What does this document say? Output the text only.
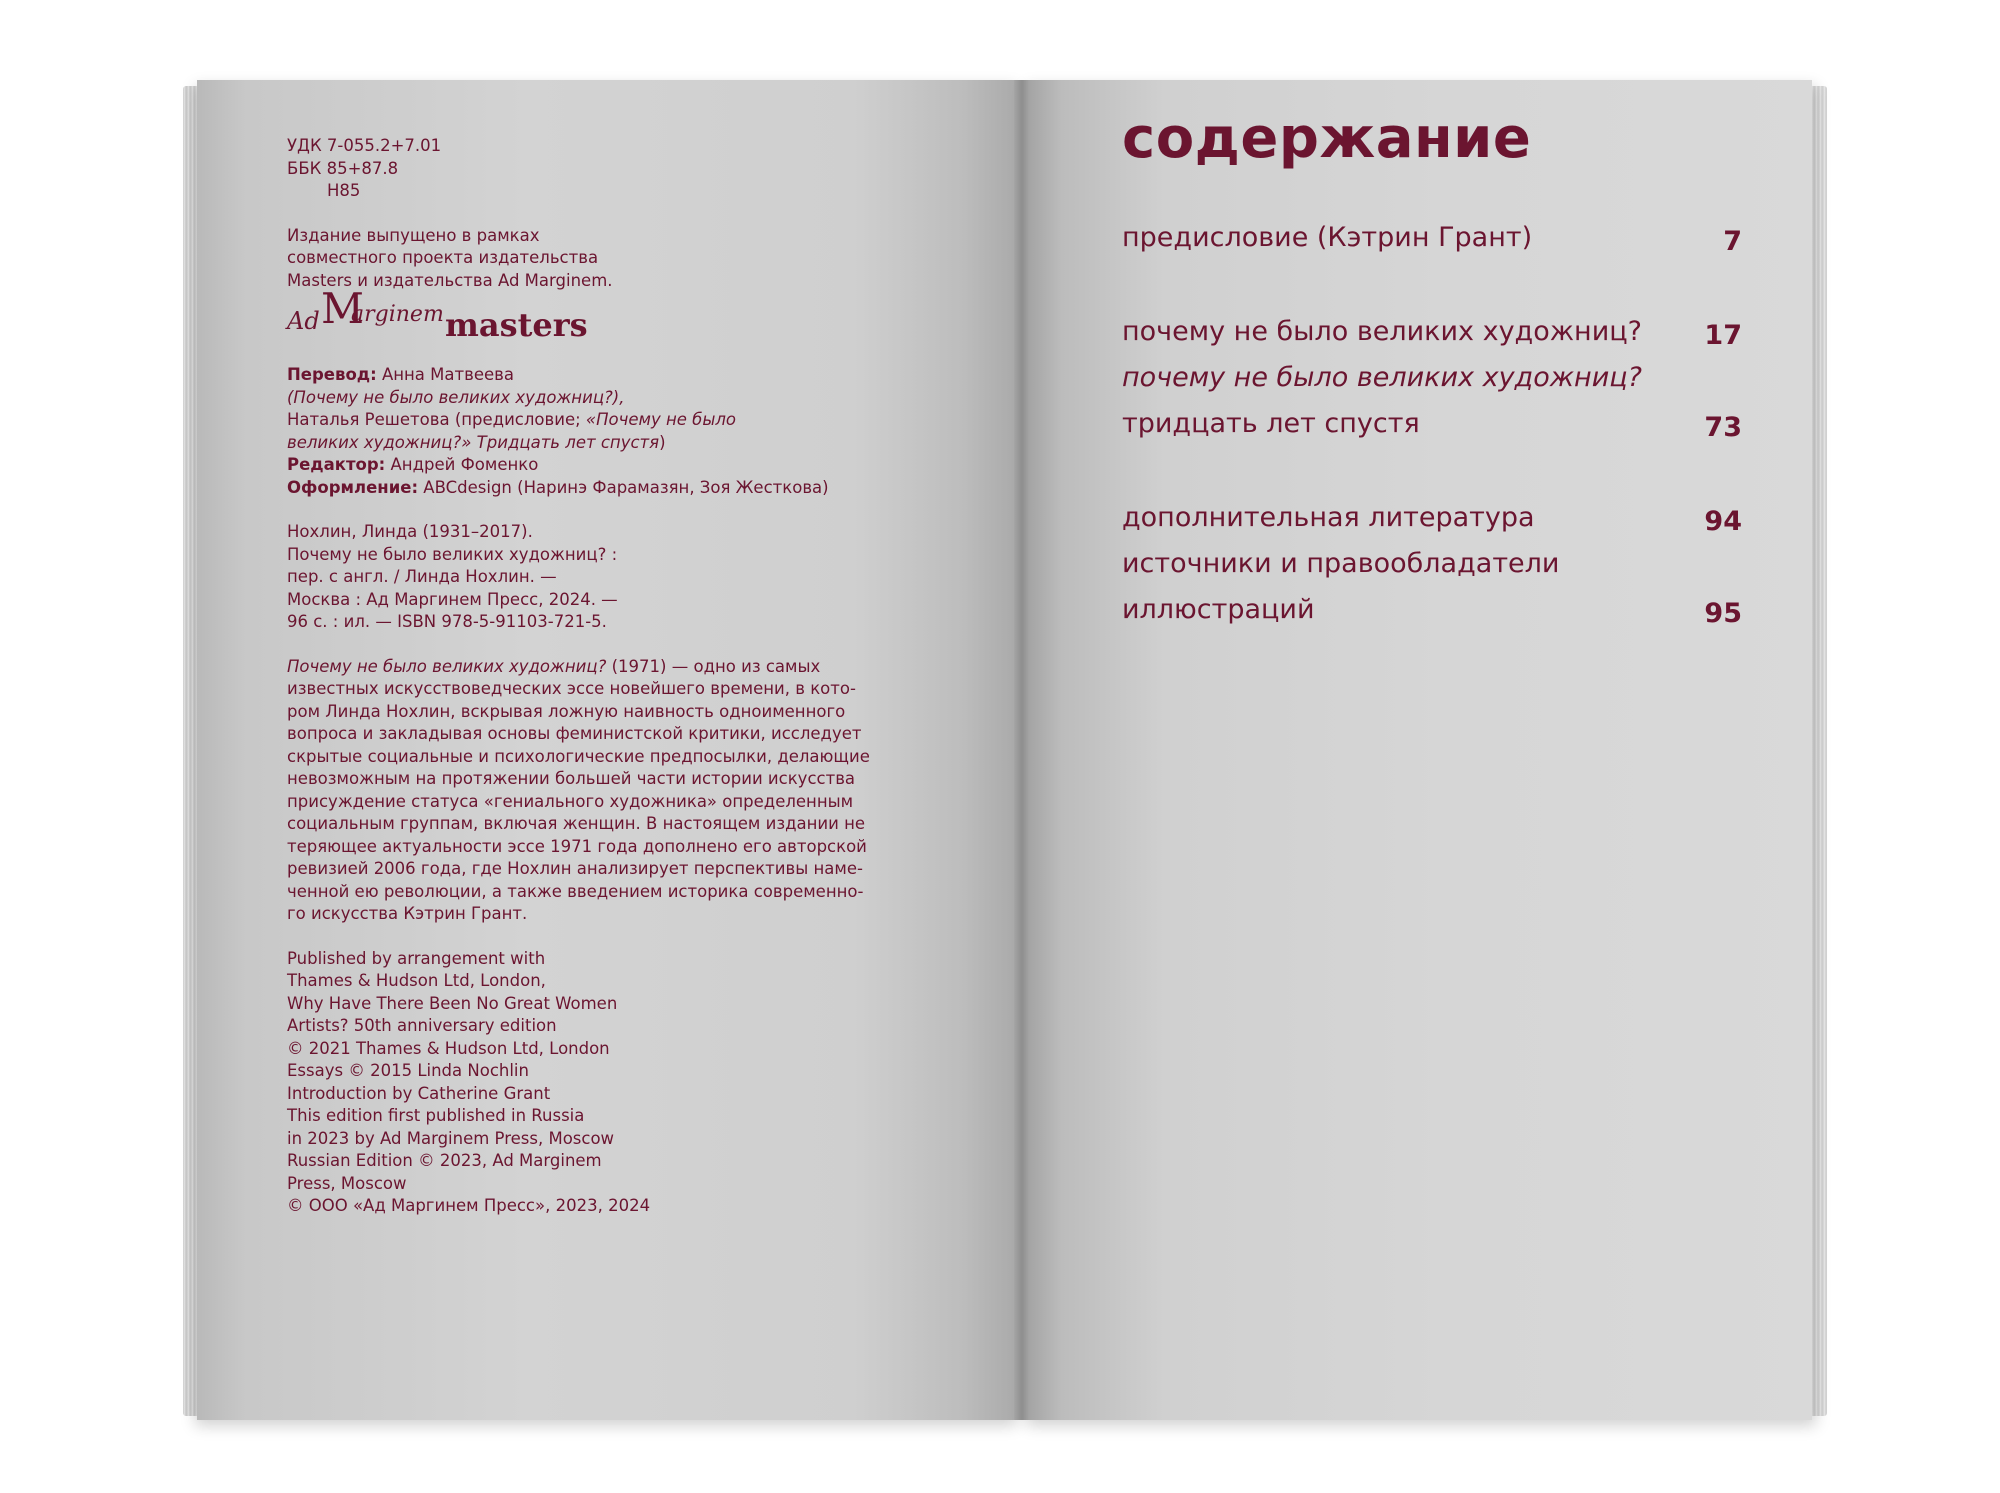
УДК 7-055.2+7.01

ББК 85+87.8

Н85

Издание выпущено в рамках

совместного проекта издательства

Masters и издательства Ad Marginem.

Ad M
arginem masters

Перевод: Анна Матвеева

(Почему не было великих художниц?),

Наталья Решетова (предисловие; «Почему не было

великих художниц?» Тридцать лет спустя)

Редактор: Андрей Фоменко

Оформление: ABCdesign (Наринэ Фарамазян, Зоя Жесткова)

Нохлин, Линда (1931–2017).

Почему не было великих художниц? :

пер. с англ. / Линда Нохлин. —

Москва : Ад Маргинем Пресс, 2024. —

96 с. : ил. — ISBN 978-5-91103-721-5.

Почему не было великих художниц? (1971) — одно из самых

известных искусствоведческих эссе новейшего времени, в кото-

ром Линда Нохлин, вскрывая ложную наивность одноименного

вопроса и закладывая основы феминистской критики, исследует

скрытые социальные и психологические предпосылки, делающие

невозможным на протяжении большей части истории искусства

присуждение статуса «гениального художника» определенным

социальным группам, включая женщин. В настоящем издании не

теряющее актуальности эссе 1971 года дополнено его авторской

ревизией 2006 года, где Нохлин анализирует перспективы наме-

ченной ею революции, а также введением историка современно-

го искусства Кэтрин Грант.

Published by arrangement with

Thames & Hudson Ltd, London,

Why Have There Been No Great Women

Artists? 50th anniversary edition

© 2021 Thames & Hudson Ltd, London

Essays © 2015 Linda Nochlin

Introduction by Catherine Grant

This edition first published in Russia

in 2023 by Ad Marginem Press, Moscow

Russian Edition © 2023, Ad Marginem

Press, Moscow

© ООО «Ад Маргинем Пресс», 2023, 2024

содержание
предисловие (Кэтрин Грант)	7
почему не было великих художниц? 17
почему не было великих художниц?
тридцать лет спустя	73
дополнительная литература	94
источники и правообладатели
иллюстраций	95
